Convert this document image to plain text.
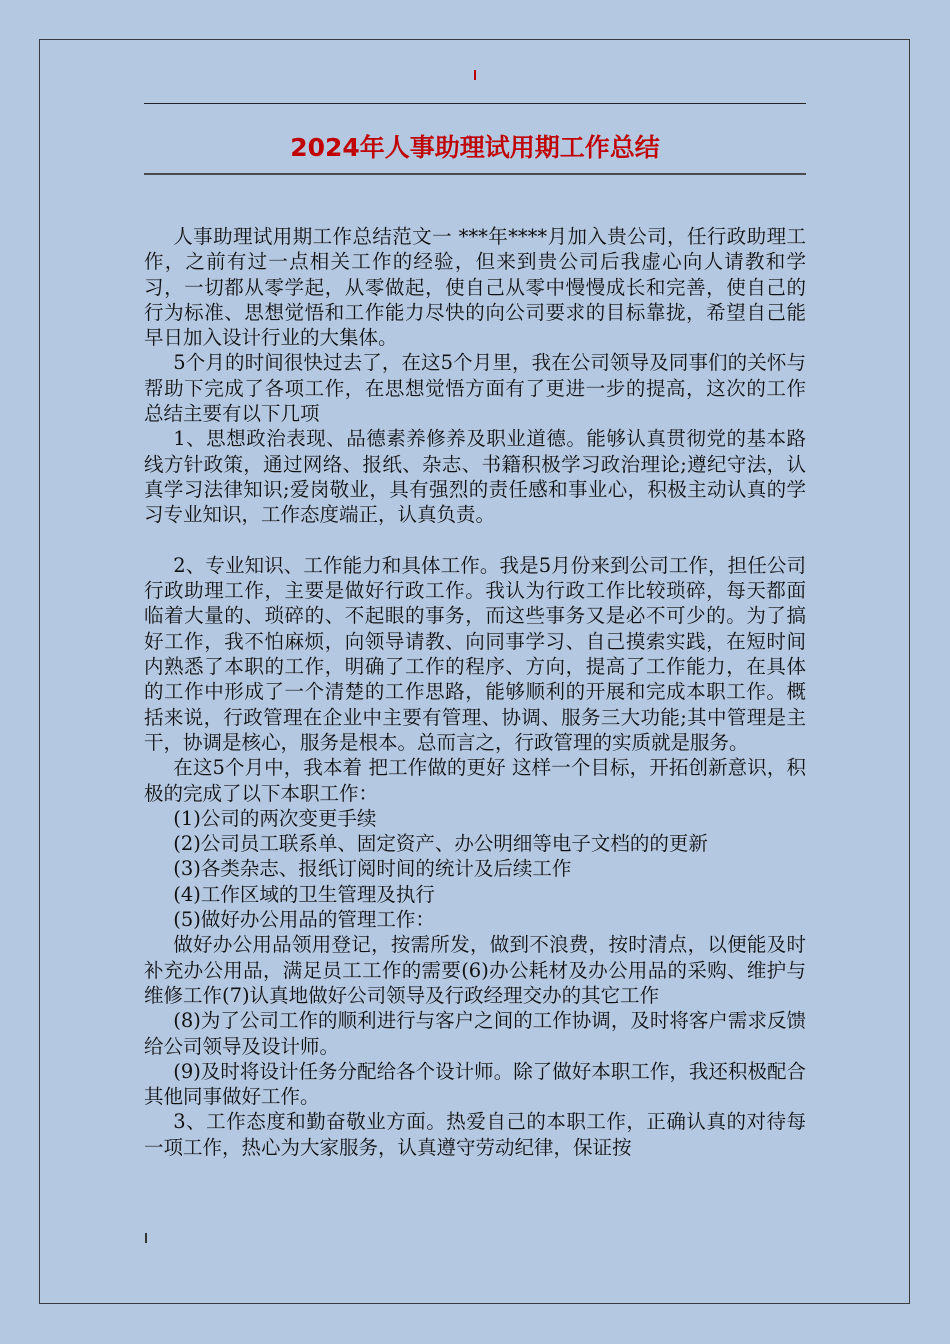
2024年人事助理试用期工作总结

人事助理试用期工作总结范文一 ***年****月加入贵公司，任行政助理工作，之前有过一点相关工作的经验，但来到贵公司后我虚心向人请教和学习，一切都从零学起，从零做起，使自己从零中慢慢成长和完善，使自己的行为标准、思想觉悟和工作能力尽快的向公司要求的目标靠拢，希望自己能早日加入设计行业的大集体。

5个月的时间很快过去了，在这5个月里，我在公司领导及同事们的关怀与帮助下完成了各项工作，在思想觉悟方面有了更进一步的提高，这次的工作总结主要有以下几项

1、思想政治表现、品德素养修养及职业道德。能够认真贯彻党的基本路线方针政策，通过网络、报纸、杂志、书籍积极学习政治理论;遵纪守法，认真学习法律知识;爱岗敬业，具有强烈的责任感和事业心，积极主动认真的学习专业知识，工作态度端正，认真负责。

2、专业知识、工作能力和具体工作。我是5月份来到公司工作，担任公司行政助理工作，主要是做好行政工作。我认为行政工作比较琐碎，每天都面临着大量的、琐碎的、不起眼的事务，而这些事务又是必不可少的。为了搞好工作，我不怕麻烦，向领导请教、向同事学习、自己摸索实践，在短时间内熟悉了本职的工作，明确了工作的程序、方向，提高了工作能力，在具体的工作中形成了一个清楚的工作思路，能够顺利的开展和完成本职工作。概括来说，行政管理在企业中主要有管理、协调、服务三大功能;其中管理是主干，协调是核心，服务是根本。总而言之，行政管理的实质就是服务。

在这5个月中，我本着 把工作做的更好 这样一个目标，开拓创新意识，积极的完成了以下本职工作：

(1)公司的两次变更手续

(2)公司员工联系单、固定资产、办公明细等电子文档的的更新

(3)各类杂志、报纸订阅时间的统计及后续工作

(4)工作区域的卫生管理及执行

(5)做好办公用品的管理工作：

做好办公用品领用登记，按需所发，做到不浪费，按时清点，以便能及时补充办公用品，满足员工工作的需要(6)办公耗材及办公用品的采购、维护与维修工作(7)认真地做好公司领导及行政经理交办的其它工作

(8)为了公司工作的顺利进行与客户之间的工作协调，及时将客户需求反馈给公司领导及设计师。

(9)及时将设计任务分配给各个设计师。除了做好本职工作，我还积极配合其他同事做好工作。

3、工作态度和勤奋敬业方面。热爱自己的本职工作，正确认真的对待每一项工作，热心为大家服务，认真遵守劳动纪律，保证按
